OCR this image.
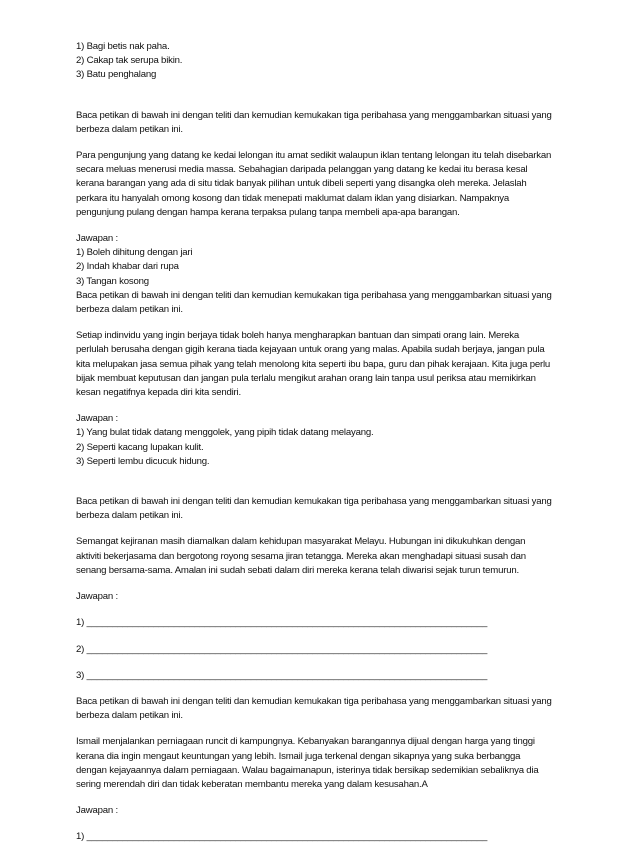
1) Bagi betis nak paha.
2) Cakap tak serupa bikin.
3) Batu penghalang
Baca petikan di bawah ini dengan teliti dan kemudian kemukakan tiga peribahasa yang menggambarkan situasi yang
berbeza dalam petikan ini.
Para pengunjung yang datang ke kedai lelongan itu amat sedikit walaupun iklan tentang lelongan itu telah disebarkan
secara meluas menerusi media massa. Sebahagian daripada pelanggan yang datang ke kedai itu berasa kesal
kerana barangan yang ada di situ tidak banyak pilihan untuk dibeli seperti yang disangka oleh mereka. Jelaslah
perkara itu hanyalah omong kosong dan tidak menepati maklumat dalam iklan yang disiarkan. Nampaknya
pengunjung pulang dengan hampa kerana terpaksa pulang tanpa membeli apa-apa barangan.
Jawapan :
1) Boleh dihitung dengan jari
2) Indah khabar dari rupa
3) Tangan kosong
Baca petikan di bawah ini dengan teliti dan kemudian kemukakan tiga peribahasa yang menggambarkan situasi yang
berbeza dalam petikan ini.
Setiap indinvidu yang ingin berjaya tidak boleh hanya mengharapkan bantuan dan simpati orang lain. Mereka
perlulah berusaha dengan gigih kerana tiada kejayaan untuk orang yang malas. Apabila sudah berjaya, jangan pula
kita melupakan jasa semua pihak yang telah menolong kita seperti ibu bapa, guru dan pihak kerajaan. Kita juga perlu
bijak membuat keputusan dan jangan pula terlalu mengikut arahan orang lain tanpa usul periksa atau memikirkan
kesan negatifnya kepada diri kita sendiri.
Jawapan :
1) Yang bulat tidak datang menggolek, yang pipih tidak datang melayang.
2) Seperti kacang lupakan kulit.
3) Seperti lembu dicucuk hidung.
Baca petikan di bawah ini dengan teliti dan kemudian kemukakan tiga peribahasa yang menggambarkan situasi yang
berbeza dalam petikan ini.
Semangat kejiranan masih diamalkan dalam kehidupan masyarakat Melayu. Hubungan ini dikukuhkan dengan
aktiviti bekerjasama dan bergotong royong sesama jiran tetangga. Mereka akan menghadapi situasi susah dan
senang bersama-sama. Amalan ini sudah sebati dalam diri mereka kerana telah diwarisi sejak turun temurun.
Jawapan :
1) ______________________________________________________________________________
2) ______________________________________________________________________________
3) ______________________________________________________________________________
Baca petikan di bawah ini dengan teliti dan kemudian kemukakan tiga peribahasa yang menggambarkan situasi yang
berbeza dalam petikan ini.
Ismail menjalankan perniagaan runcit di kampungnya. Kebanyakan barangannya dijual dengan harga yang tinggi
kerana dia ingin mengaut keuntungan yang lebih. Ismail juga terkenal dengan sikapnya yang suka berbangga
dengan kejayaannya dalam perniagaan. Walau bagaimanapun, isterinya tidak bersikap sedemikian sebaliknya dia
sering merendah diri dan tidak keberatan membantu mereka yang dalam kesusahan.A
Jawapan :
1) ______________________________________________________________________________
